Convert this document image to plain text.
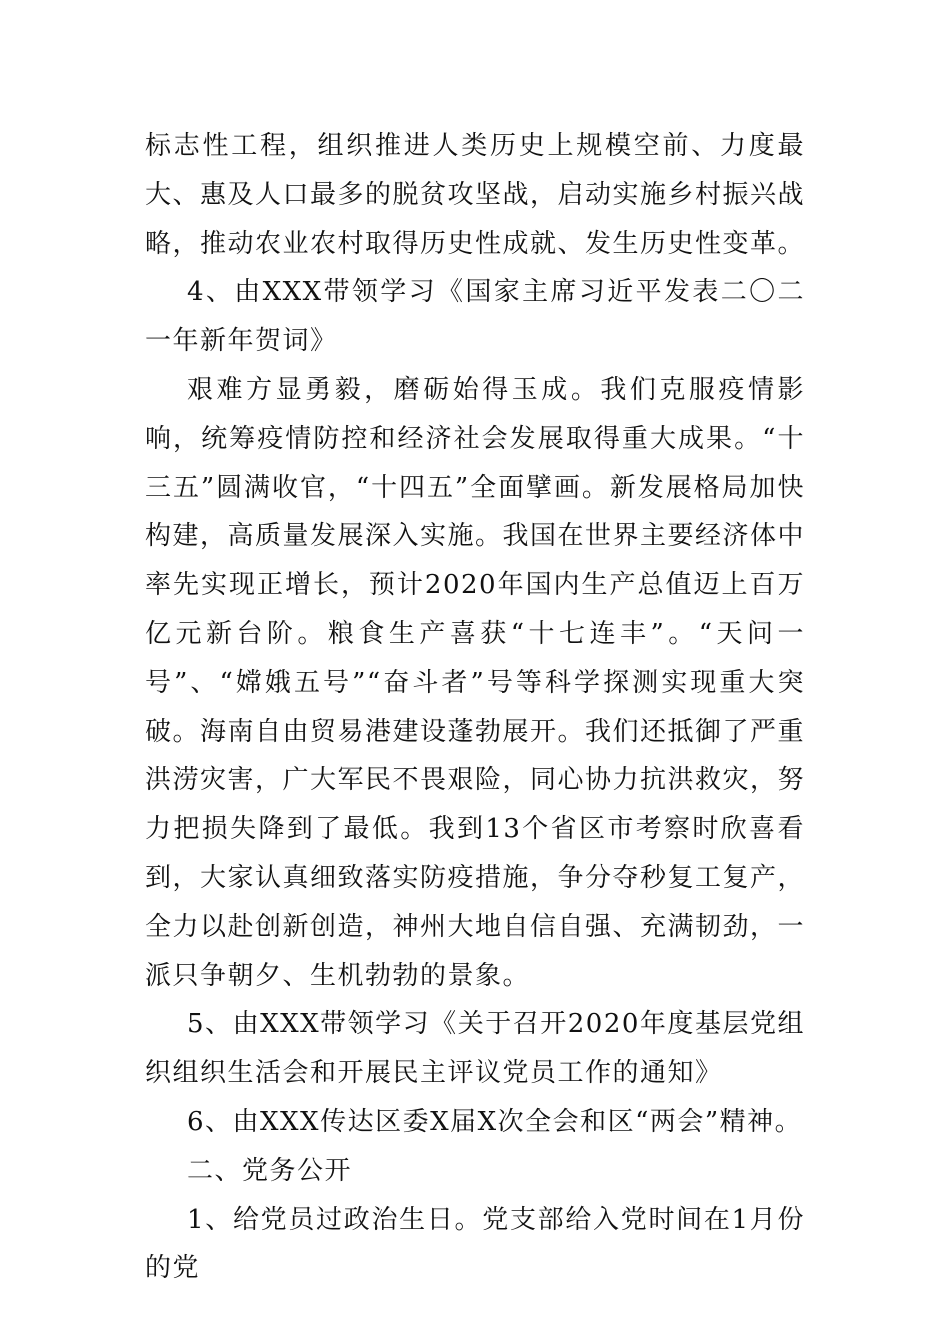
标志性工程，组织推进人类历史上规模空前、力度最大、惠及人口最多的脱贫攻坚战，启动实施乡村振兴战略，推动农业农村取得历史性成就、发生历史性变革。

4、由XXX带领学习《国家主席习近平发表二〇二一年新年贺词》

艰难方显勇毅，磨砺始得玉成。我们克服疫情影响，统筹疫情防控和经济社会发展取得重大成果。“十三五”圆满收官，“十四五”全面擘画。新发展格局加快构建，高质量发展深入实施。我国在世界主要经济体中率先实现正增长，预计2020年国内生产总值迈上百万亿元新台阶。粮食生产喜获“十七连丰”。“天问一号”、“嫦娥五号”“奋斗者”号等科学探测实现重大突破。海南自由贸易港建设蓬勃展开。我们还抵御了严重洪涝灾害，广大军民不畏艰险，同心协力抗洪救灾，努力把损失降到了最低。我到13个省区市考察时欣喜看到，大家认真细致落实防疫措施，争分夺秒复工复产，全力以赴创新创造，神州大地自信自强、充满韧劲，一派只争朝夕、生机勃勃的景象。

5、由XXX带领学习《关于召开2020年度基层党组织组织生活会和开展民主评议党员工作的通知》

6、由XXX传达区委X届X次全会和区“两会”精神。

二、党务公开

1、给党员过政治生日。党支部给入党时间在1月份的党
